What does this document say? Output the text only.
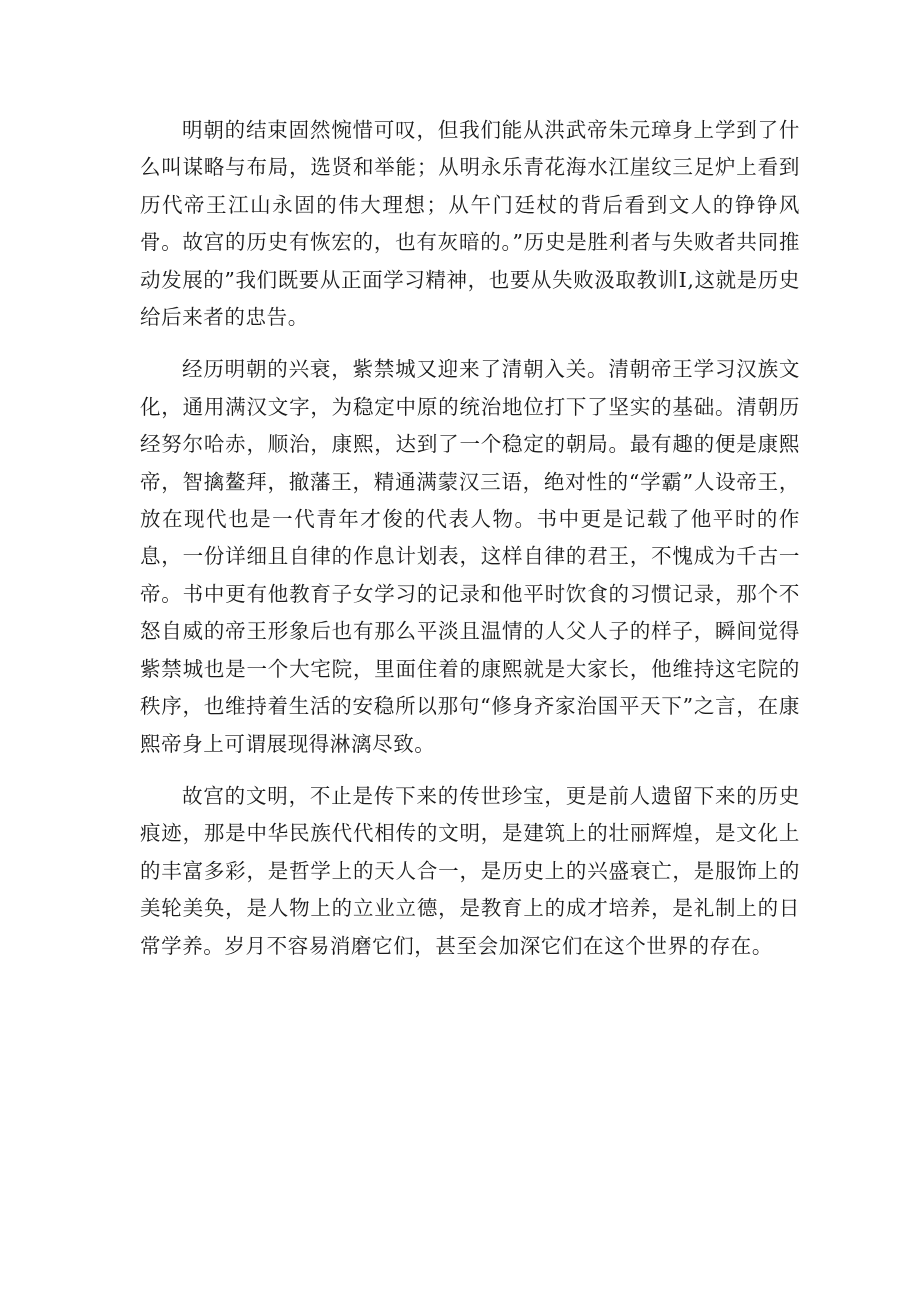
明朝的结束固然惋惜可叹，但我们能从洪武帝朱元璋身上学到了什么叫谋略与布局，选贤和举能；从明永乐青花海水江崖纹三足炉上看到历代帝王江山永固的伟大理想；从午门廷杖的背后看到文人的铮铮风骨。故宫的历史有恢宏的，也有灰暗的。”历史是胜利者与失败者共同推动发展的”我们既要从正面学习精神，也要从失败汲取教训I,这就是历史给后来者的忠告。

经历明朝的兴衰，紫禁城又迎来了清朝入关。清朝帝王学习汉族文化，通用满汉文字，为稳定中原的统治地位打下了坚实的基础。清朝历经努尔哈赤，顺治，康熙，达到了一个稳定的朝局。最有趣的便是康熙帝，智擒鳌拜，撤藩王，精通满蒙汉三语，绝对性的“学霸”人设帝王，放在现代也是一代青年才俊的代表人物。书中更是记载了他平时的作息，一份详细且自律的作息计划表，这样自律的君王，不愧成为千古一帝。书中更有他教育子女学习的记录和他平时饮食的习惯记录，那个不怒自威的帝王形象后也有那么平淡且温情的人父人子的样子，瞬间觉得紫禁城也是一个大宅院，里面住着的康熙就是大家长，他维持这宅院的秩序，也维持着生活的安稳所以那句“修身齐家治国平天下”之言，在康熙帝身上可谓展现得淋漓尽致。

故宫的文明，不止是传下来的传世珍宝，更是前人遗留下来的历史痕迹，那是中华民族代代相传的文明，是建筑上的壮丽辉煌，是文化上的丰富多彩，是哲学上的天人合一，是历史上的兴盛衰亡，是服饰上的美轮美奂，是人物上的立业立德，是教育上的成才培养，是礼制上的日常学养。岁月不容易消磨它们，甚至会加深它们在这个世界的存在。
